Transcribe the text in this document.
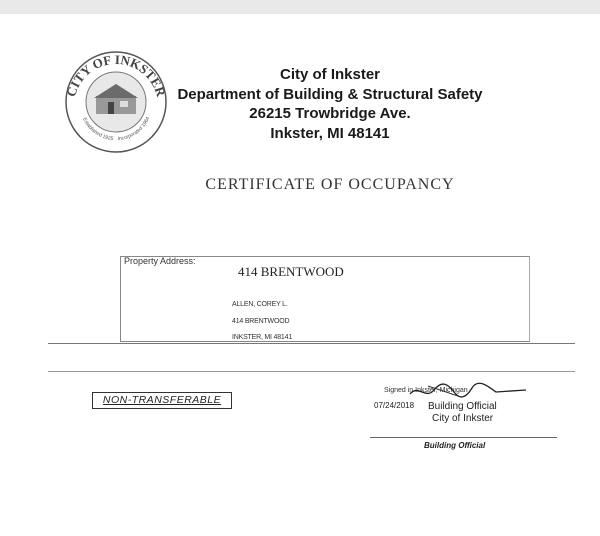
CITY OF INKSTER
Established 1925 Incorporated 1964
City of Inkster
Department of Building & Structural Safety
26215 Trowbridge Ave.
Inkster, MI 48141
CERTIFICATE OF OCCUPANCY
Property Address:
414 BRENTWOOD
ALLEN, COREY L.
414 BRENTWOOD
INKSTER, MI 48141
NON-TRANSFERABLE
Signed in Inkster, Michigan
07/24/2018 Building Official
City of Inkster
Building Official
